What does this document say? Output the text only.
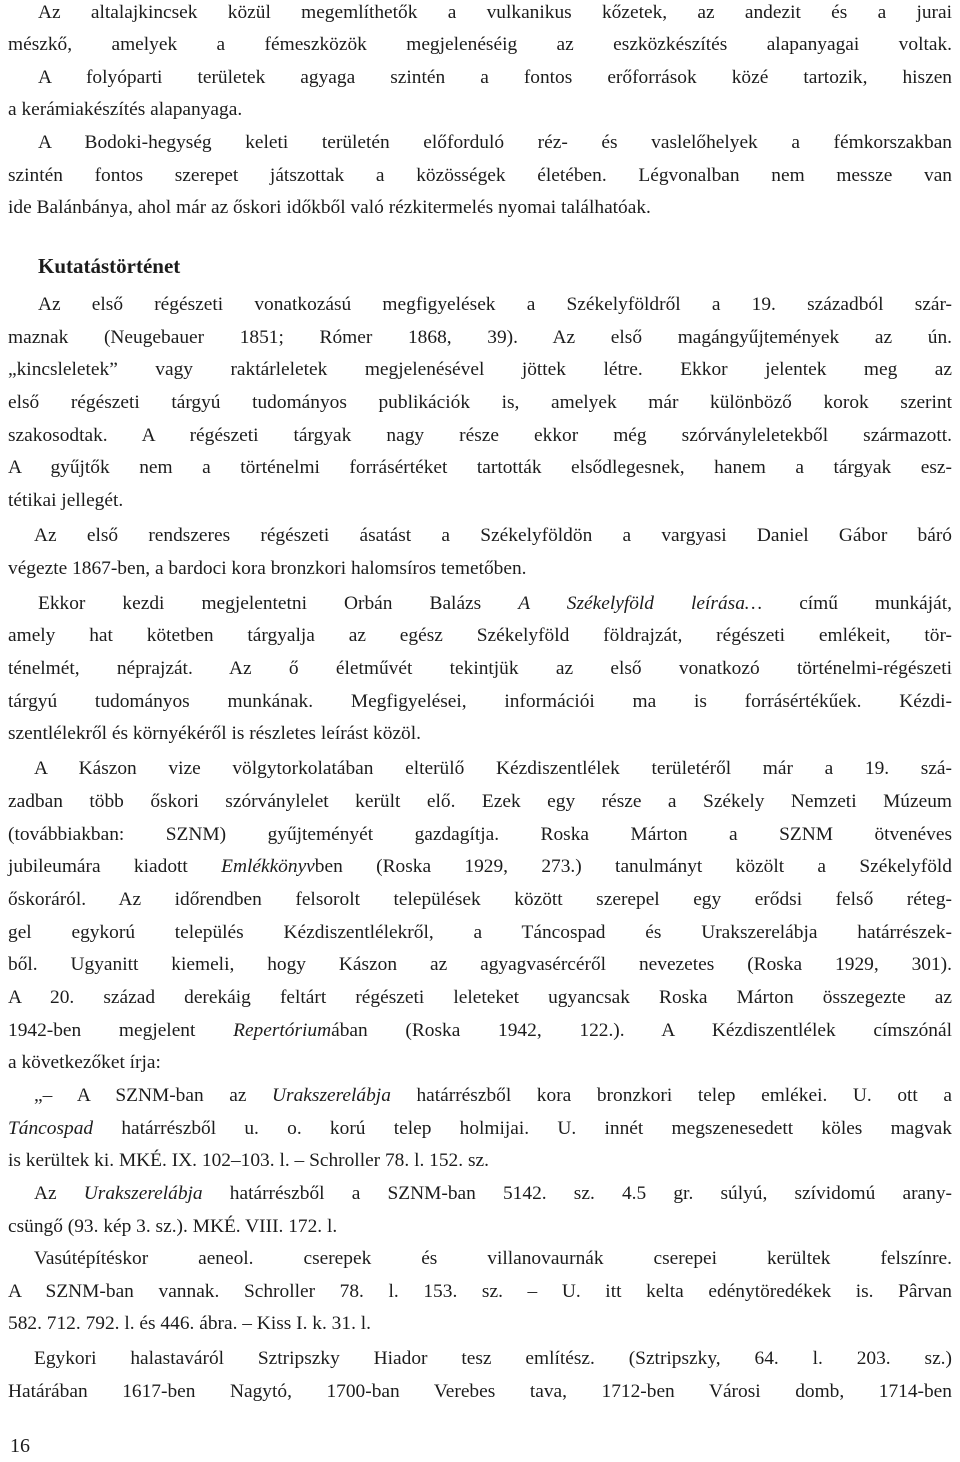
Az altalajkincsek közül megemlíthetők a vulkanikus kőzetek, az andezit és a jurai

mészkő, amelyek a fémeszközök megjelenéséig az eszközkészítés alapanyagai voltak.

A folyóparti területek agyaga szintén a fontos erőforrások közé tartozik, hiszen

a kerámiakészítés alapanyaga.

A Bodoki-hegység keleti területén előforduló réz- és vaslelőhelyek a fémkorszakban

szintén fontos szerepet játszottak a közösségek életében. Légvonalban nem messze van

ide Balánbánya, ahol már az őskori időkből való rézkitermelés nyomai találhatóak.

Kutatástörténet

Az első régészeti vonatkozású megfigyelések a Székelyföldről a 19. századból szár-

maznak (Neugebauer 1851; Rómer 1868, 39). Az első magángyűjtemények az ún.

„kincsleletek” vagy raktárleletek megjelenésével jöttek létre. Ekkor jelentek meg az

első régészeti tárgyú tudományos publikációk is, amelyek már különböző korok szerint

szakosodtak. A régészeti tárgyak nagy része ekkor még szórványleletekből származott.

A gyűjtők nem a történelmi forrásértéket tartották elsődlegesnek, hanem a tárgyak esz-

tétikai jellegét.

Az első rendszeres régészeti ásatást a Székelyföldön a vargyasi Daniel Gábor báró

végezte 1867-ben, a bardoci kora bronzkori halomsíros temetőben.

Ekkor kezdi megjelentetni Orbán Balázs A Székelyföld leírása… című munkáját,

amely hat kötetben tárgyalja az egész Székelyföld földrajzát, régészeti emlékeit, tör-

ténelmét, néprajzát. Az ő életművét tekintjük az első vonatkozó történelmi-régészeti

tárgyú tudományos munkának. Megfigyelései, információi ma is forrásértékűek. Kézdi-

szentlélekről és környékéről is részletes leírást közöl.

A Kászon vize völgytorkolatában elterülő Kézdiszentlélek területéről már a 19. szá-

zadban több őskori szórványlelet került elő. Ezek egy része a Székely Nemzeti Múzeum

(továbbiakban: SZNM) gyűjteményét gazdagítja. Roska Márton a SZNM ötvenéves

jubileumára kiadott Emlékkönyvben (Roska 1929, 273.) tanulmányt közölt a Székelyföld

őskoráról. Az időrendben felsorolt települések között szerepel egy erődsi felső réteg-

gel egykorú település Kézdiszentlélekről, a Táncospad és Urakszerelábja határrészek-

ből. Ugyanitt kiemeli, hogy Kászon az agyagvasércéről nevezetes (Roska 1929, 301).

A 20. század derekáig feltárt régészeti leleteket ugyancsak Roska Márton összegezte az

1942-ben megjelent Repertóriumában (Roska 1942, 122.). A Kézdiszentlélek címszónál

a következőket írja:

„– A SZNM-ban az Urakszerelábja határrészből kora bronzkori telep emlékei. U. ott a

Táncospad határrészből u. o. korú telep holmijai. U. innét megszenesedett köles magvak

is kerültek ki. MKÉ. IX. 102–103. l. – Schroller 78. l. 152. sz.

Az Urakszerelábja határrészből a SZNM-ban 5142. sz. 4.5 gr. súlyú, szívidomú arany-

csüngő (93. kép 3. sz.). MKÉ. VIII. 172. l.

Vasútépítéskor aeneol. cserepek és villanovaurnák cserepei kerültek felszínre.

A SZNM-ban vannak. Schroller 78. l. 153. sz. – U. itt kelta edénytöredékek is. Pârvan

582. 712. 792. l. és 446. ábra. – Kiss I. k. 31. l.

Egykori halastaváról Sztripszky Hiador tesz említész. (Sztripszky, 64. l. 203. sz.)

Határában 1617-ben Nagytó, 1700-ban Verebes tava, 1712-ben Városi domb, 1714-ben

16
